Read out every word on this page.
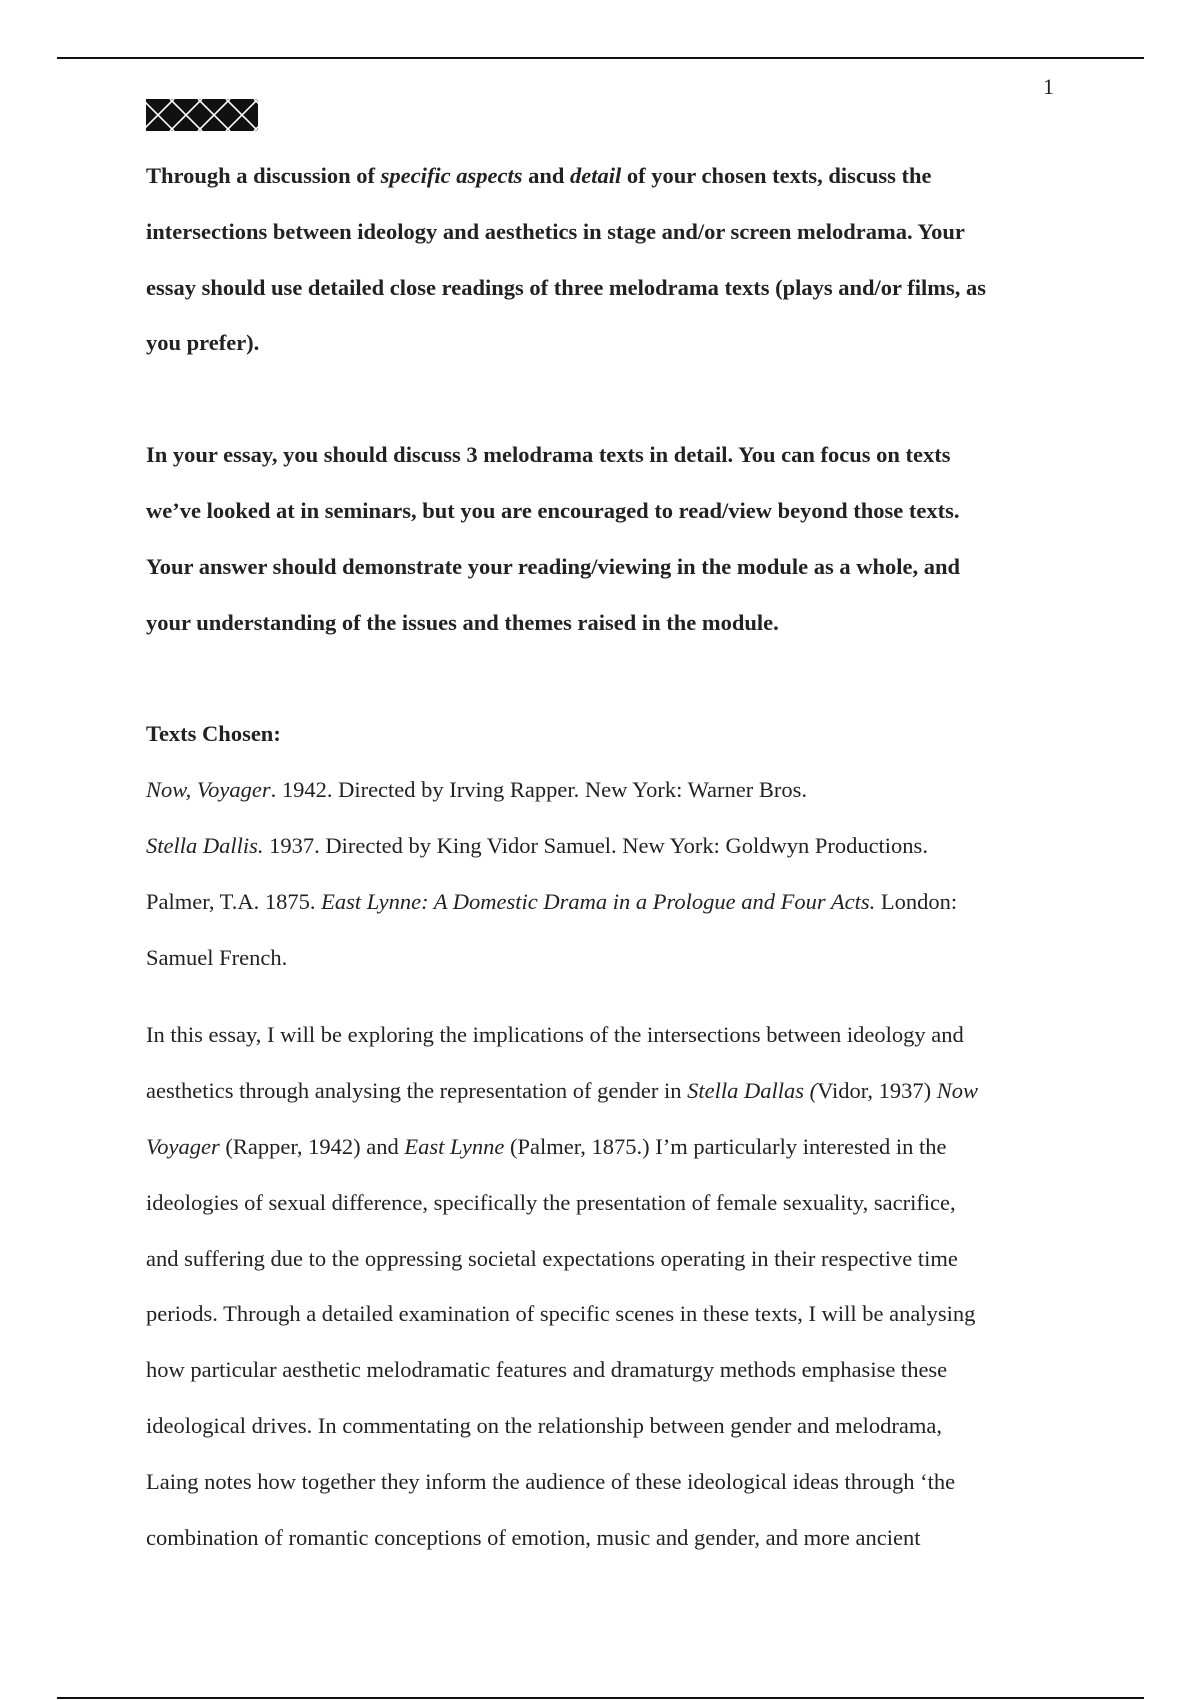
1

Through a discussion of specific aspects and detail of your chosen texts, discuss the

intersections between ideology and aesthetics in stage and/or screen melodrama. Your

essay should use detailed close readings of three melodrama texts (plays and/or films, as

you prefer).

In your essay, you should discuss 3 melodrama texts in detail. You can focus on texts

we’ve looked at in seminars, but you are encouraged to read/view beyond those texts.

Your answer should demonstrate your reading/viewing in the module as a whole, and

your understanding of the issues and themes raised in the module.

Texts Chosen:

Now, Voyager. 1942. Directed by Irving Rapper. New York: Warner Bros.

Stella Dallis. 1937. Directed by King Vidor Samuel. New York: Goldwyn Productions.

Palmer, T.A. 1875. East Lynne: A Domestic Drama in a Prologue and Four Acts. London:

Samuel French.

In this essay, I will be exploring the implications of the intersections between ideology and

aesthetics through analysing the representation of gender in Stella Dallas (Vidor, 1937) Now

Voyager (Rapper, 1942) and East Lynne (Palmer, 1875.) I’m particularly interested in the

ideologies of sexual difference, specifically the presentation of female sexuality, sacrifice,

and suffering due to the oppressing societal expectations operating in their respective time

periods. Through a detailed examination of specific scenes in these texts, I will be analysing

how particular aesthetic melodramatic features and dramaturgy methods emphasise these

ideological drives. In commentating on the relationship between gender and melodrama,

Laing notes how together they inform the audience of these ideological ideas through ‘the

combination of romantic conceptions of emotion, music and gender, and more ancient
